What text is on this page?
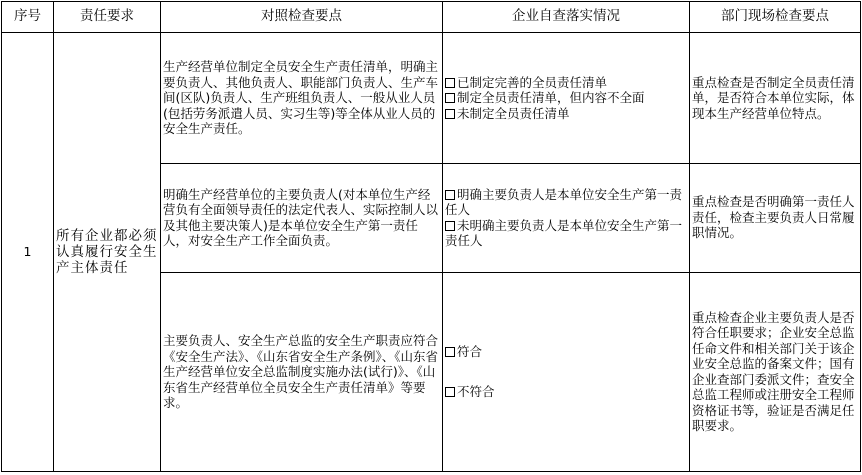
序号	责任要求	对照检查要点	企业自查落实情况	部门现场检查要点
1	所有企业都必须认真履行安全生产主体责任	生产经营单位制定全员安全生产责任清单，明确主要负责人、其他负责人、职能部门负责人、生产车间(区队)负责人、生产班组负责人、一般从业人员(包括劳务派遣人员、实习生等)等全体从业人员的安全生产责任。	已制定完善的全员责任清单
制定全员责任清单，但内容不全面
未制定全员责任清单	重点检查是否制定全员责任清单，是否符合本单位实际，体现本生产经营单位特点。
		明确生产经营单位的主要负责人(对本单位生产经营负有全面领导责任的法定代表人、实际控制人以及其他主要决策人)是本单位安全生产第一责任人，对安全生产工作全面负责。	明确主要负责人是本单位安全生产第一责任人
未明确主要负责人是本单位安全生产第一责任人	重点检查是否明确第一责任人责任，检查主要负责人日常履职情况。
		主要负责人、安全生产总监的安全生产职责应符合《安全生产法》、《山东省安全生产条例》、《山东省生产经营单位安全总监制度实施办法(试行)》、《山东省生产经营单位全员安全生产责任清单》等要求。	符合
不符合	重点检查企业主要负责人是否符合任职要求；企业安全总监任命文件和相关部门关于该企业安全总监的备案文件；国有企业查部门委派文件；查安全总监工程师或注册安全工程师资格证书等，验证是否满足任职要求。
